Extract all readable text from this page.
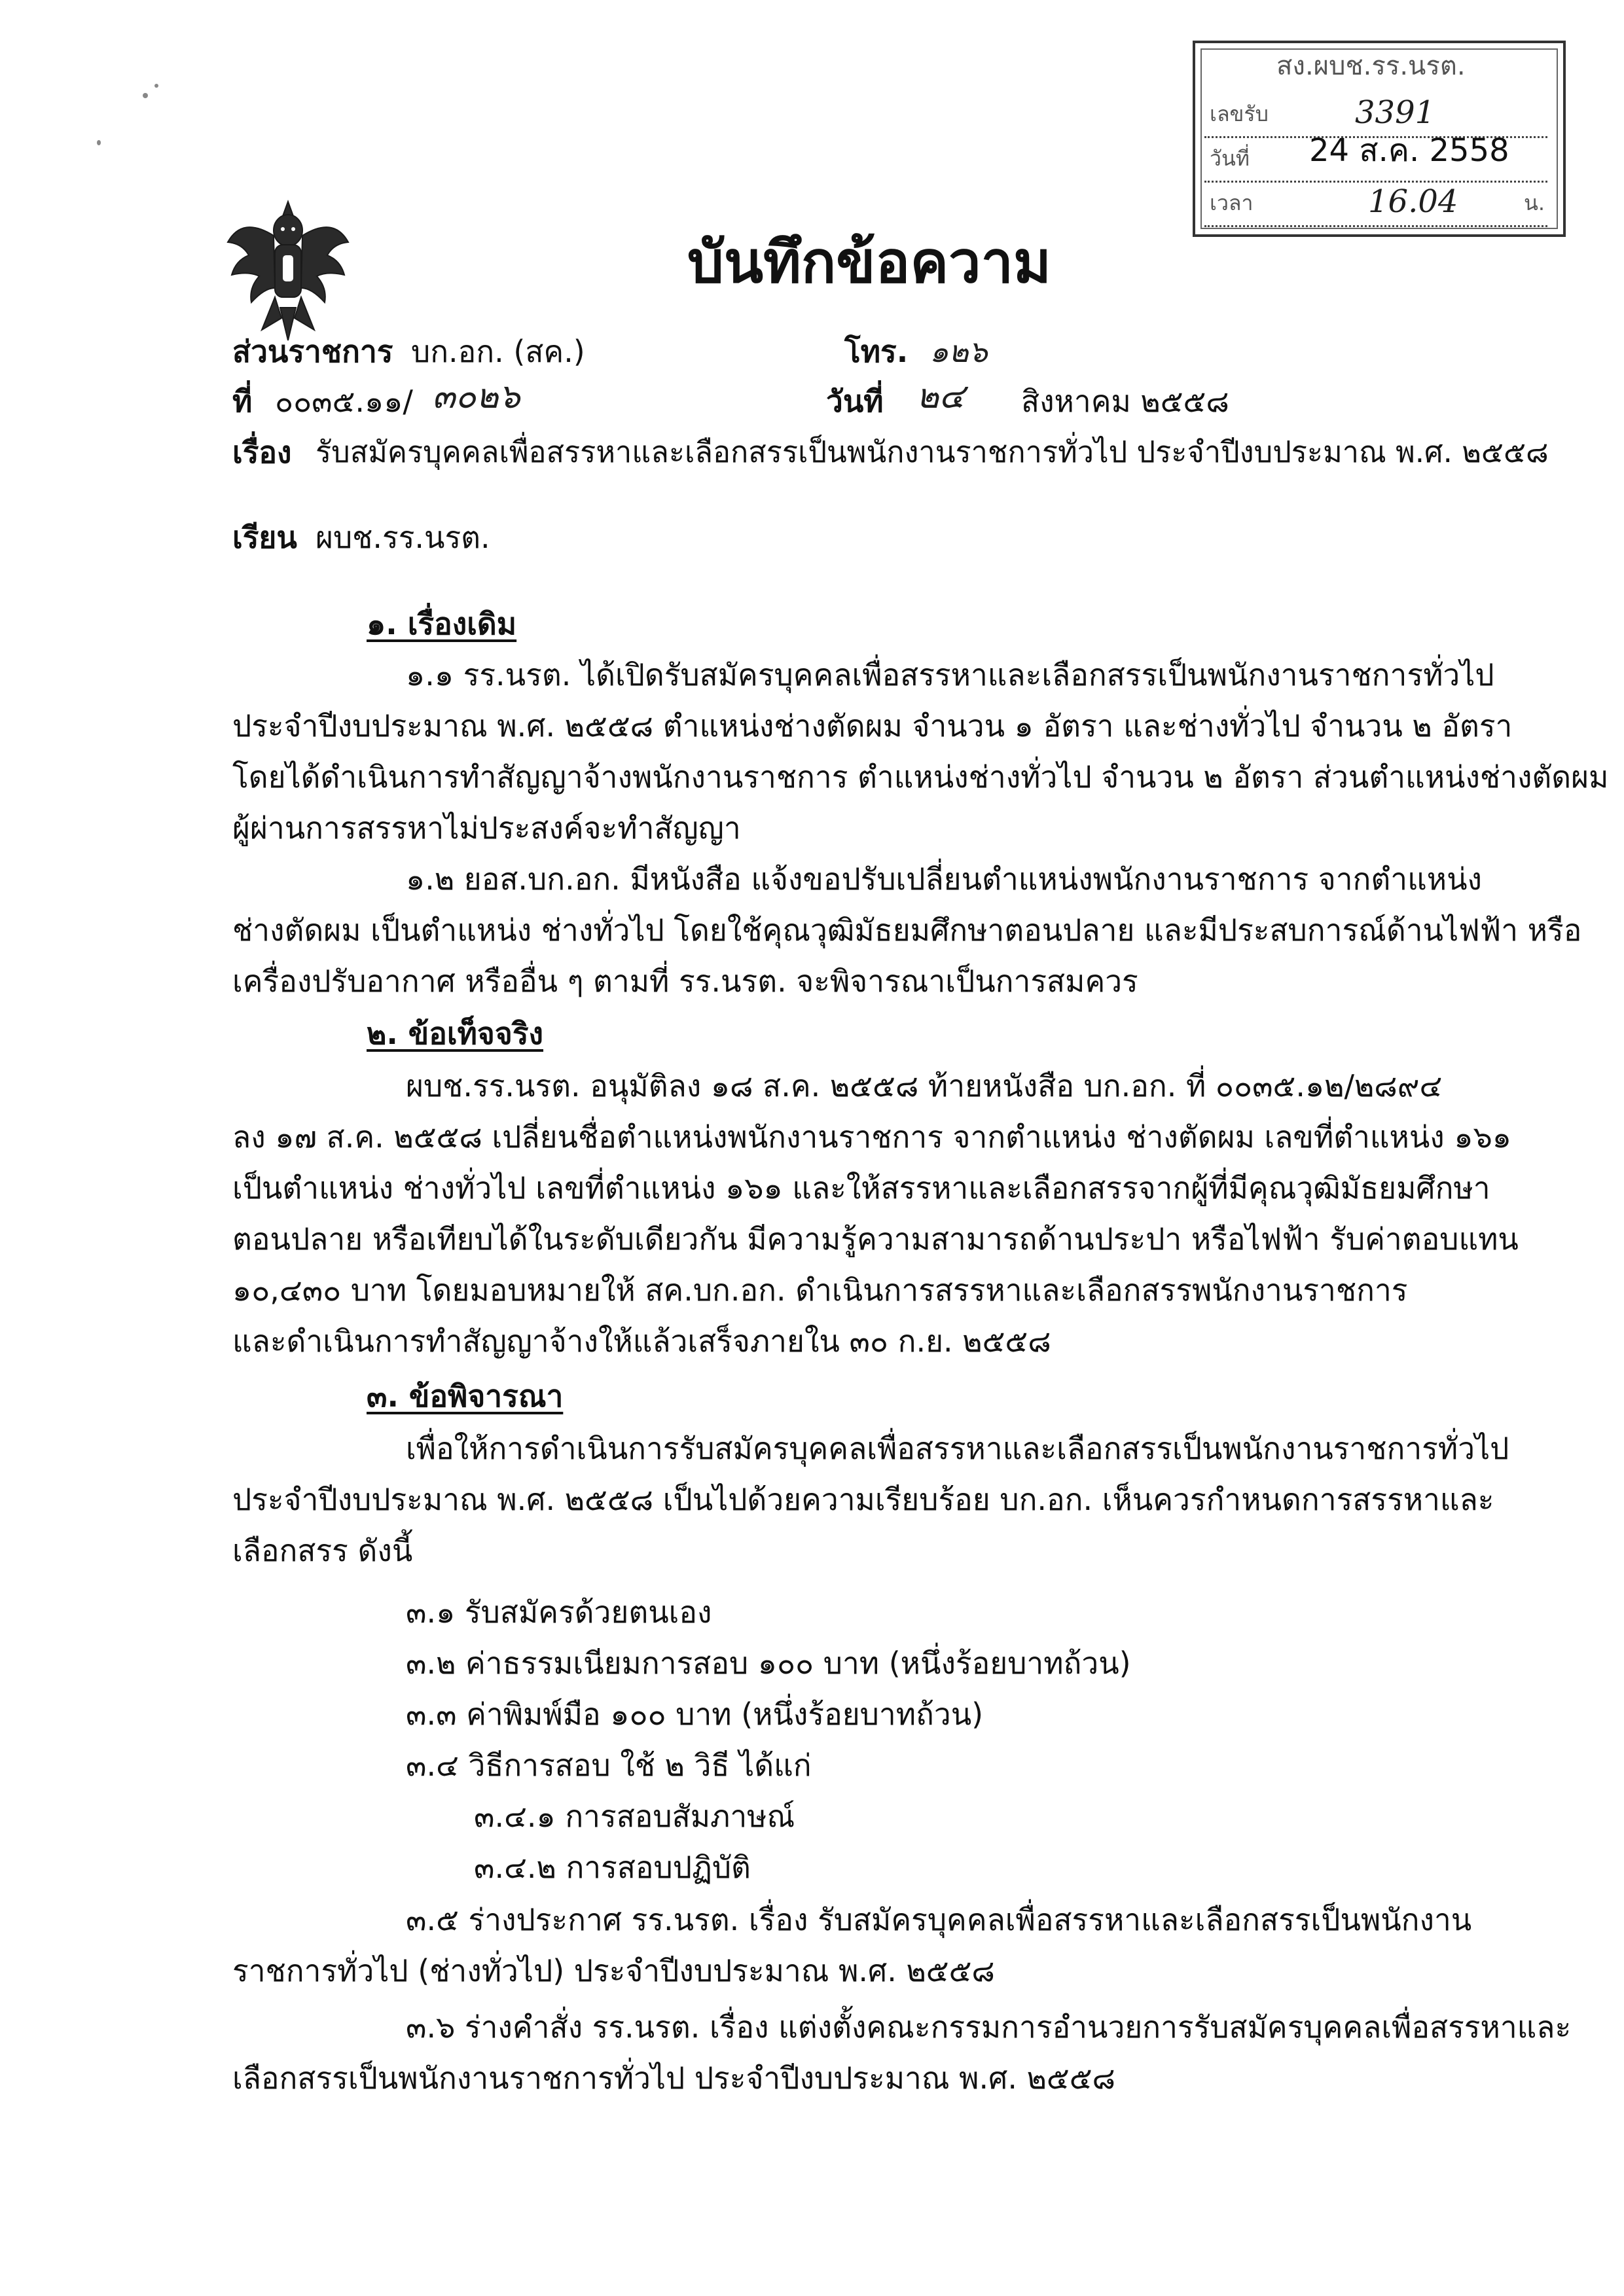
สง.ผบช.รร.นรต.
เลขรับ	3391
วันที่ 24 ส.ค. 2558
เวลา	16.04	น.
บันทึกข้อความ
ส่วนราชการ บก.อก. (สค.)	โทร. ๑๒๖
ที่ ๐๐๓๕.๑๑/ ๓๐๒๖	วันที่ ๒๔ สิงหาคม ๒๕๕๘
เรื่อง รับสมัครบุคคลเพื่อสรรหาและเลือกสรรเป็นพนักงานราชการทั่วไป ประจำปีงบประมาณ พ.ศ. ๒๕๕๘
เรียน ผบช.รร.นรต.
๑. เรื่องเดิม
๑.๑ รร.นรต. ได้เปิดรับสมัครบุคคลเพื่อสรรหาและเลือกสรรเป็นพนักงานราชการทั่วไป
ประจำปีงบประมาณ พ.ศ. ๒๕๕๘ ตำแหน่งช่างตัดผม จำนวน ๑ อัตรา และช่างทั่วไป จำนวน ๒ อัตรา
โดยได้ดำเนินการทำสัญญาจ้างพนักงานราชการ ตำแหน่งช่างทั่วไป จำนวน ๒ อัตรา ส่วนตำแหน่งช่างตัดผม
ผู้ผ่านการสรรหาไม่ประสงค์จะทำสัญญา
๑.๒ ยอส.บก.อก. มีหนังสือ แจ้งขอปรับเปลี่ยนตำแหน่งพนักงานราชการ จากตำแหน่ง
ช่างตัดผม เป็นตำแหน่ง ช่างทั่วไป โดยใช้คุณวุฒิมัธยมศึกษาตอนปลาย และมีประสบการณ์ด้านไฟฟ้า หรือ
เครื่องปรับอากาศ หรืออื่น ๆ ตามที่ รร.นรต. จะพิจารณาเป็นการสมควร
๒. ข้อเท็จจริง
ผบช.รร.นรต. อนุมัติลง ๑๘ ส.ค. ๒๕๕๘ ท้ายหนังสือ บก.อก. ที่ ๐๐๓๕.๑๒/๒๘๙๔
ลง ๑๗ ส.ค. ๒๕๕๘ เปลี่ยนชื่อตำแหน่งพนักงานราชการ จากตำแหน่ง ช่างตัดผม เลขที่ตำแหน่ง ๑๖๑
เป็นตำแหน่ง ช่างทั่วไป เลขที่ตำแหน่ง ๑๖๑ และให้สรรหาและเลือกสรรจากผู้ที่มีคุณวุฒิมัธยมศึกษา
ตอนปลาย หรือเทียบได้ในระดับเดียวกัน มีความรู้ความสามารถด้านประปา หรือไฟฟ้า รับค่าตอบแทน
๑๐,๔๓๐ บาท โดยมอบหมายให้ สค.บก.อก. ดำเนินการสรรหาและเลือกสรรพนักงานราชการ
และดำเนินการทำสัญญาจ้างให้แล้วเสร็จภายใน ๓๐ ก.ย. ๒๕๕๘
๓. ข้อพิจารณา
เพื่อให้การดำเนินการรับสมัครบุคคลเพื่อสรรหาและเลือกสรรเป็นพนักงานราชการทั่วไป
ประจำปีงบประมาณ พ.ศ. ๒๕๕๘ เป็นไปด้วยความเรียบร้อย บก.อก. เห็นควรกำหนดการสรรหาและ
เลือกสรร ดังนี้
๓.๑ รับสมัครด้วยตนเอง
๓.๒ ค่าธรรมเนียมการสอบ ๑๐๐ บาท (หนึ่งร้อยบาทถ้วน)
๓.๓ ค่าพิมพ์มือ ๑๐๐ บาท (หนึ่งร้อยบาทถ้วน)
๓.๔ วิธีการสอบ ใช้ ๒ วิธี ได้แก่
๓.๔.๑ การสอบสัมภาษณ์
๓.๔.๒ การสอบปฏิบัติ
๓.๕ ร่างประกาศ รร.นรต. เรื่อง รับสมัครบุคคลเพื่อสรรหาและเลือกสรรเป็นพนักงาน
ราชการทั่วไป (ช่างทั่วไป) ประจำปีงบประมาณ พ.ศ. ๒๕๕๘
๓.๖ ร่างคำสั่ง รร.นรต. เรื่อง แต่งตั้งคณะกรรมการอำนวยการรับสมัครบุคคลเพื่อสรรหาและ
เลือกสรรเป็นพนักงานราชการทั่วไป ประจำปีงบประมาณ พ.ศ. ๒๕๕๘
